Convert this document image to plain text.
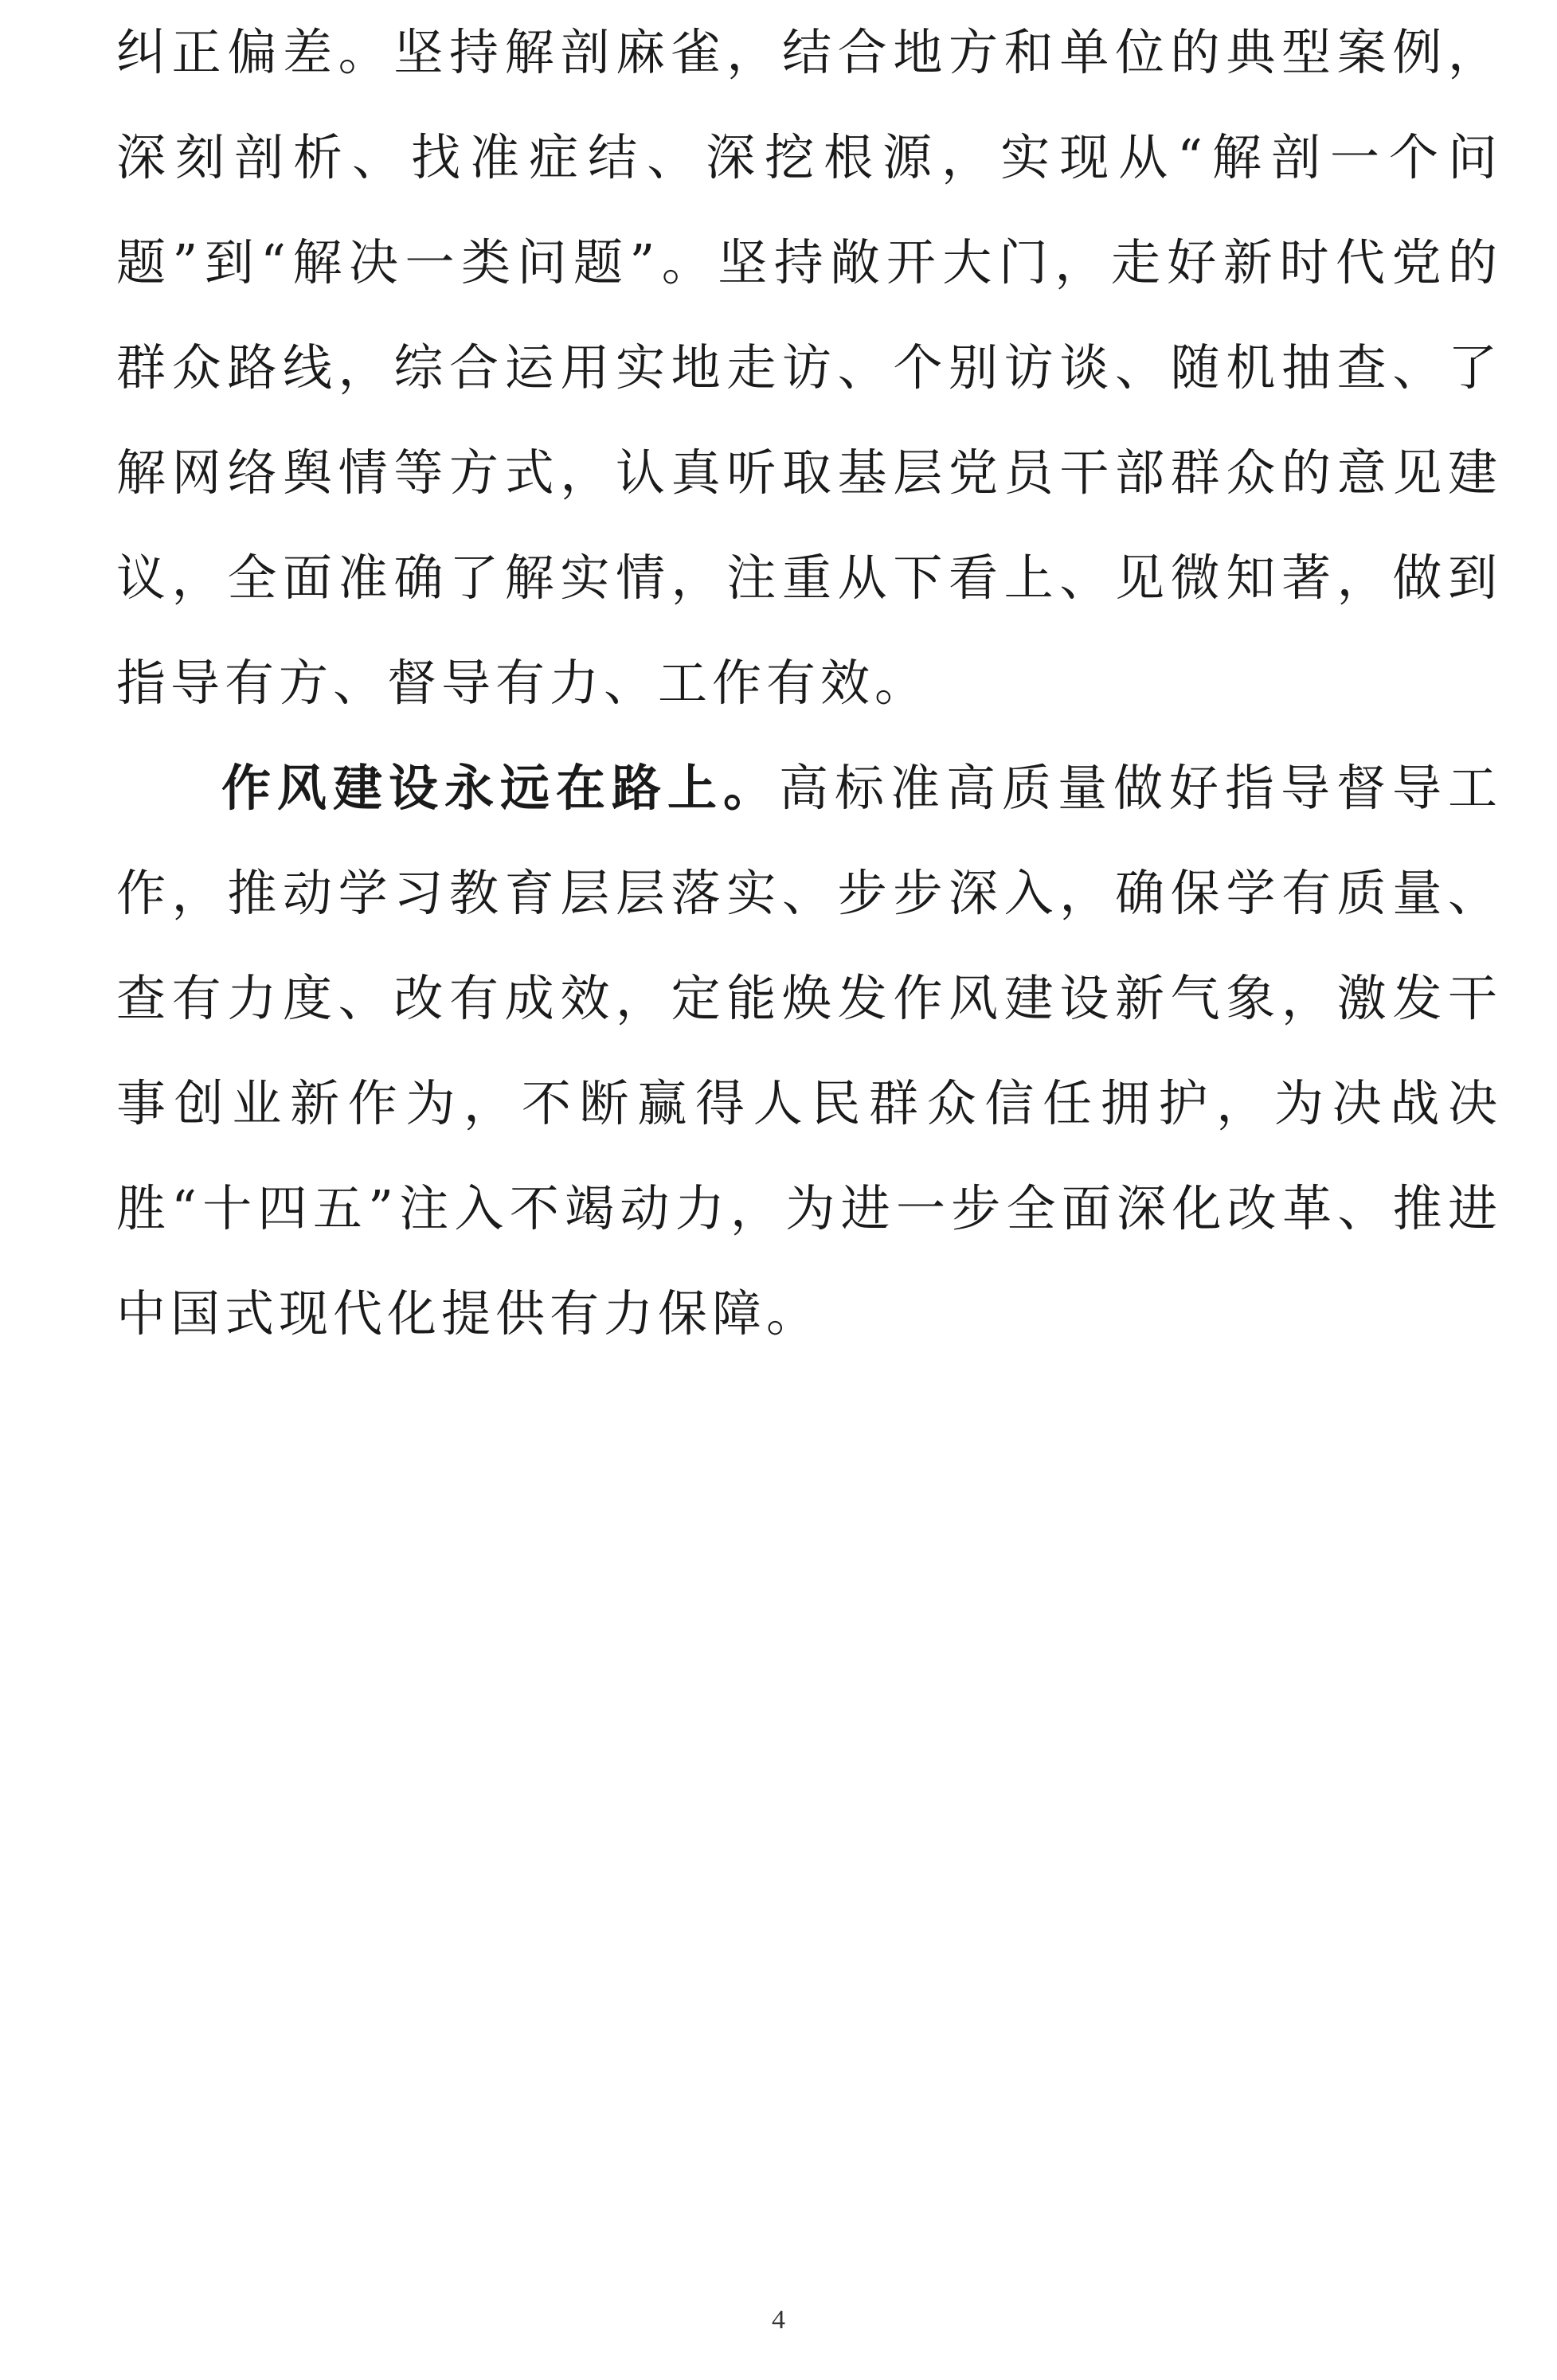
纠正偏差。坚持解剖麻雀，结合地方和单位的典型案例，深刻剖析、找准症结、深挖根源，实现从“解剖一个问题”到“解决一类问题”。坚持敞开大门，走好新时代党的群众路线，综合运用实地走访、个别访谈、随机抽查、了解网络舆情等方式，认真听取基层党员干部群众的意见建议，全面准确了解实情，注重从下看上、见微知著，做到指导有方、督导有力、工作有效。

作风建设永远在路上。高标准高质量做好指导督导工作，推动学习教育层层落实、步步深入，确保学有质量、查有力度、改有成效，定能焕发作风建设新气象，激发干事创业新作为，不断赢得人民群众信任拥护，为决战决胜“十四五”注入不竭动力，为进一步全面深化改革、推进中国式现代化提供有力保障。

4
